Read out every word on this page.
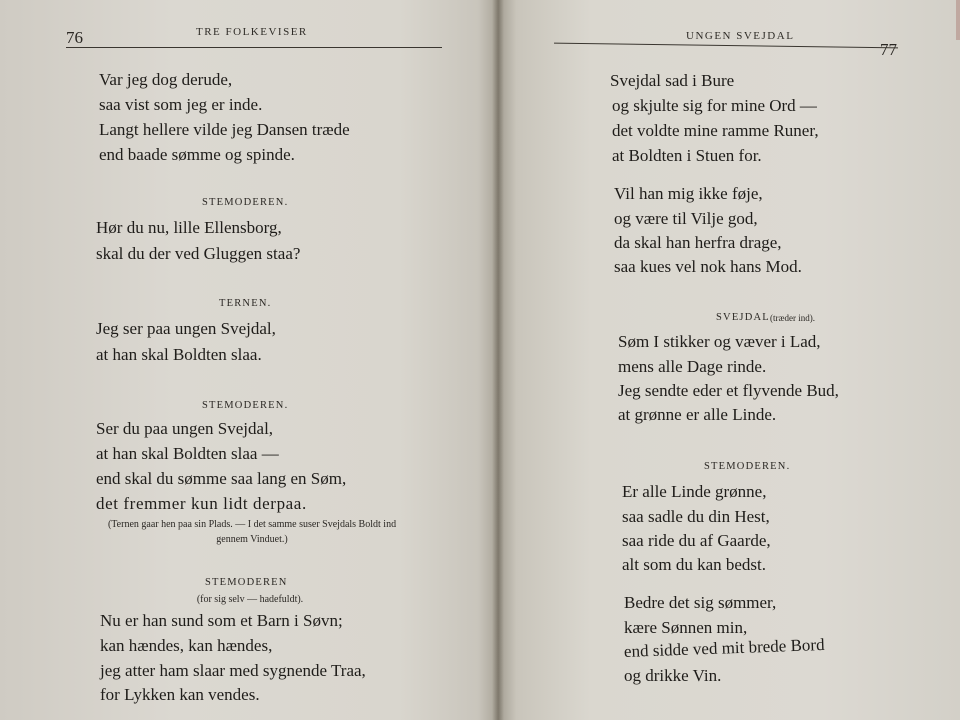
76	TRE FOLKEVISER
Var jeg dog derude,
saa vist som jeg er inde.
Langt hellere vilde jeg Dansen træde
end baade sømme og spinde.
STEMODEREN.
Hør du nu, lille Ellensborg,
skal du der ved Gluggen staa?
TERNEN.
Jeg ser paa ungen Svejdal,
at han skal Boldten slaa.
STEMODEREN.
Ser du paa ungen Svejdal,
at han skal Boldten slaa —
end skal du sømme saa lang en Søm,
det fremmer kun lidt derpaa.
(Ternen gaar hen paa sin Plads. — I det samme suser Svejdals Boldt ind
gennem Vinduet.)
STEMODEREN
(for sig selv — hadefuldt).
Nu er han sund som et Barn i Søvn;
kan hændes, kan hændes,
jeg atter ham slaar med sygnende Traa,
for Lykken kan vendes.
UNGEN SVEJDAL
77
Svejdal sad i Bure
og skjulte sig for mine Ord —
det voldte mine ramme Runer,
at Boldten i Stuen for.
Vil han mig ikke føje,
og være til Vilje god,
da skal han herfra drage,
saa kues vel nok hans Mod.
SVEJDAL (træder ind).
Søm I stikker og væver i Lad,
mens alle Dage rinde.
Jeg sendte eder et flyvende Bud,
at grønne er alle Linde.
STEMODEREN.
Er alle Linde grønne,
saa sadle du din Hest,
saa ride du af Gaarde,
alt som du kan bedst.
Bedre det sig sømmer,
kære Sønnen min,
end sidde ved mit brede Bord
og drikke Vin.
